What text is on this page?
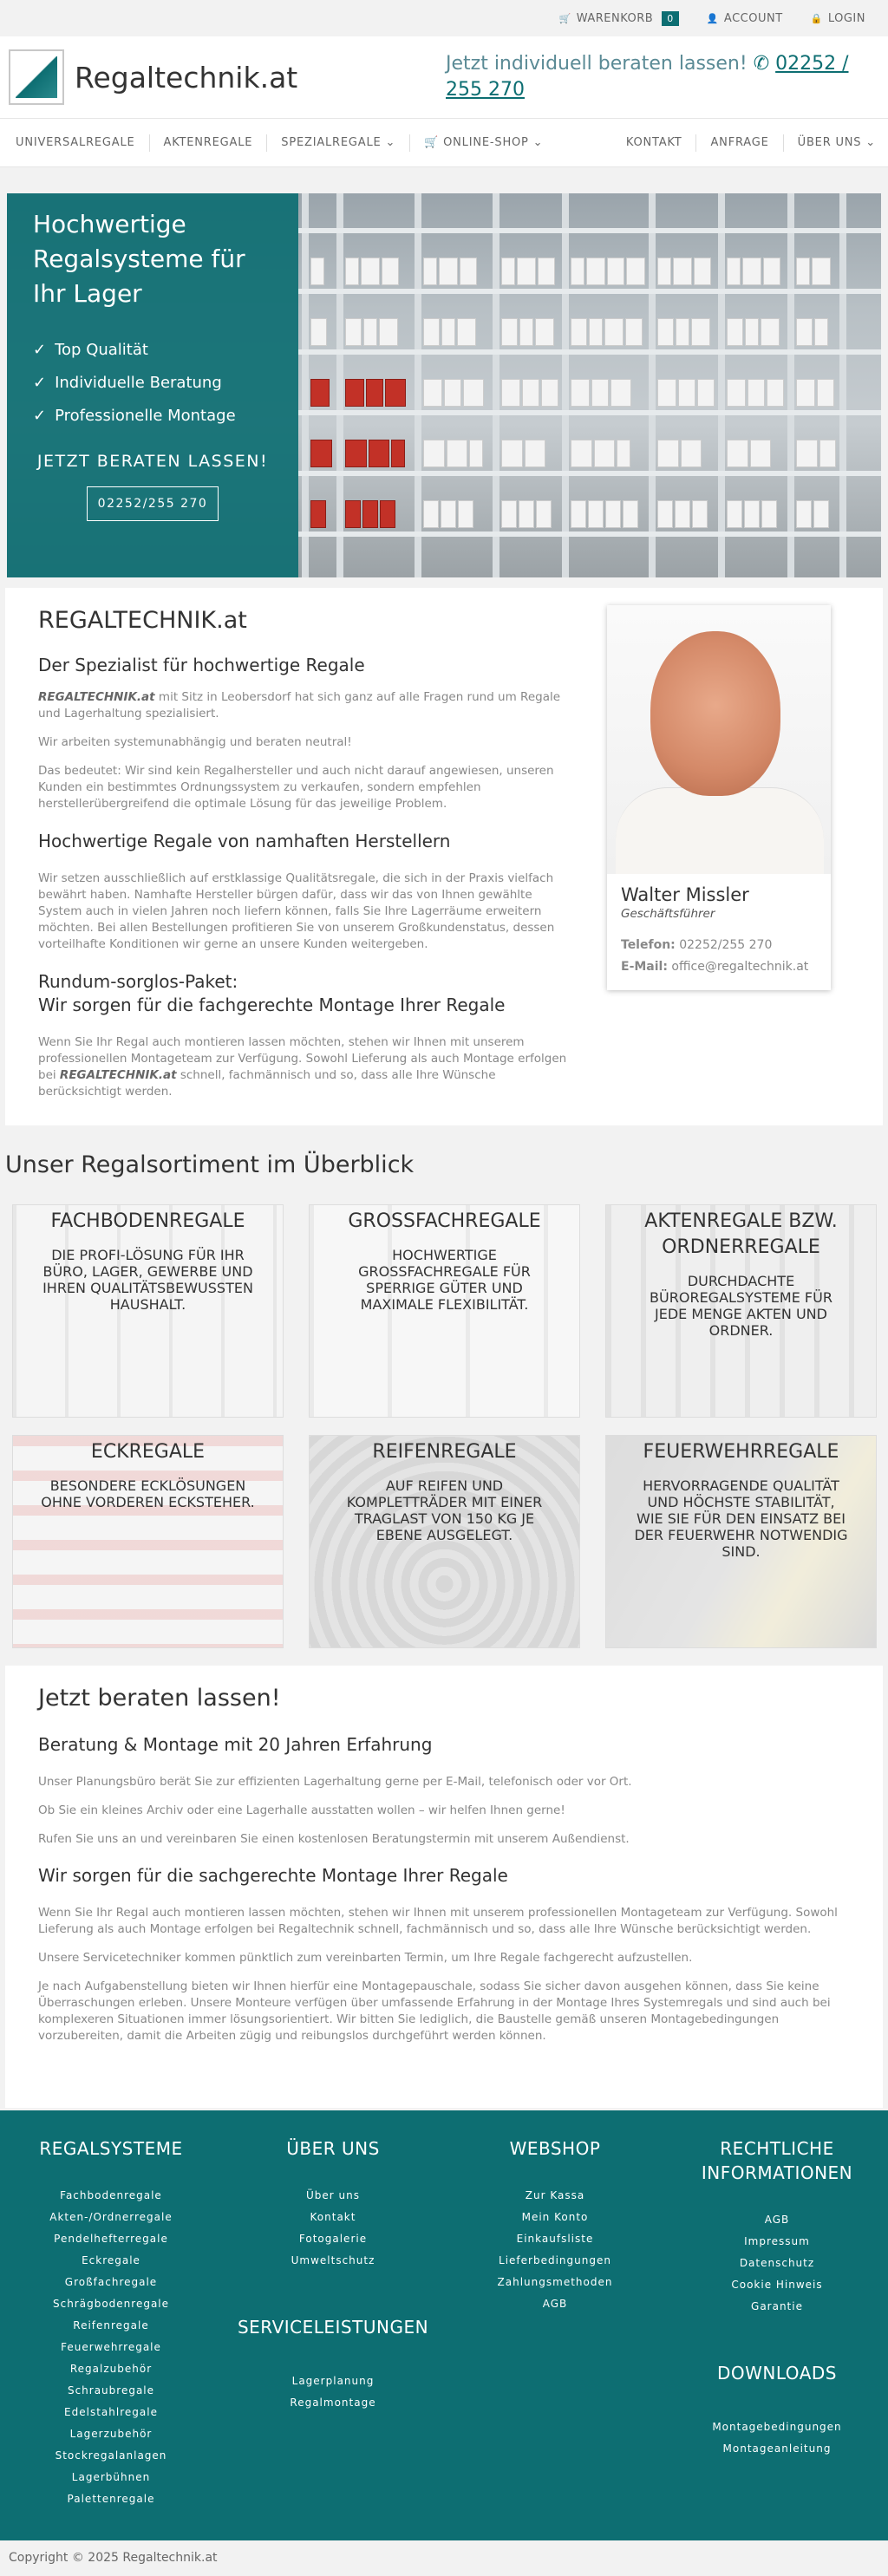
🛒 WARENKORB	0	👤 ACCOUNT	🔒 LOGIN
Regaltechnik.at	Jetzt individuell beraten lassen! ✆ 02252 / 255 270
UNIVERSALREGALE	AKTENREGALE	SPEZIALREGALE ⌄	🛒 ONLINE-SHOP ⌄	KONTAKT	ANFRAGE	ÜBER UNS ⌄
Hochwertige Regalsysteme für Ihr Lager
✓ Top Qualität
✓ Individuelle Beratung
✓ Professionelle Montage
JETZT BERATEN LASSEN!
02252/255 270
REGALTECHNIK.at
Der Spezialist für hochwertige Regale

REGALTECHNIK.at mit Sitz in Leobersdorf hat sich ganz auf alle Fragen rund um Regale und Lagerhaltung spezialisiert.

Wir arbeiten systemunabhängig und beraten neutral!

Das bedeutet: Wir sind kein Regalhersteller und auch nicht darauf angewiesen, unseren Kunden ein bestimmtes Ordnungssystem zu verkaufen, sondern empfehlen herstellerübergreifend die optimale Lösung für das jeweilige Problem.

Hochwertige Regale von namhaften Herstellern

Wir setzen ausschließlich auf erstklassige Qualitätsregale, die sich in der Praxis vielfach bewährt haben. Namhafte Hersteller bürgen dafür, dass wir das von Ihnen gewählte System auch in vielen Jahren noch liefern können, falls Sie Ihre Lagerräume erweitern möchten. Bei allen Bestellungen profitieren Sie von unserem Großkundenstatus, dessen vorteilhafte Konditionen wir gerne an unsere Kunden weitergeben.

Rundum-sorglos-Paket:
Wir sorgen für die fachgerechte Montage Ihrer Regale

Wenn Sie Ihr Regal auch montieren lassen möchten, stehen wir Ihnen mit unserem professionellen Montageteam zur Verfügung. Sowohl Lieferung als auch Montage erfolgen bei REGALTECHNIK.at schnell, fachmännisch und so, dass alle Ihre Wünsche berücksichtigt werden.

Walter Missler
Geschäftsführer
Telefon: 02252/255 270
E-Mail: office@regaltechnik.at
Unser Regalsortiment im Überblick
FACHBODENREGALE
DIE PROFI-LÖSUNG FÜR IHR BÜRO, LAGER, GEWERBE UND IHREN QUALITÄTSBEWUSSTEN HAUSHALT.
GROSSFACHREGALE
HOCHWERTIGE GROSSFACHREGALE FÜR SPERRIGE GÜTER UND MAXIMALE FLEXIBILITÄT.
AKTENREGALE BZW. ORDNERREGALE
DURCHDACHTE BÜROREGALSYSTEME FÜR JEDE MENGE AKTEN UND ORDNER.
ECKREGALE
BESONDERE ECKLÖSUNGEN OHNE VORDEREN ECKSTEHER.
REIFENREGALE
AUF REIFEN UND KOMPLETTRÄDER MIT EINER TRAGLAST VON 150 KG JE EBENE AUSGELEGT.
FEUERWEHRREGALE
HERVORRAGENDE QUALITÄT UND HÖCHSTE STABILITÄT, WIE SIE FÜR DEN EINSATZ BEI DER FEUERWEHR NOTWENDIG SIND.
Jetzt beraten lassen!
Beratung & Montage mit 20 Jahren Erfahrung

Unser Planungsbüro berät Sie zur effizienten Lagerhaltung gerne per E-Mail, telefonisch oder vor Ort.

Ob Sie ein kleines Archiv oder eine Lagerhalle ausstatten wollen – wir helfen Ihnen gerne!

Rufen Sie uns an und vereinbaren Sie einen kostenlosen Beratungstermin mit unserem Außendienst.

Wir sorgen für die sachgerechte Montage Ihrer Regale

Wenn Sie Ihr Regal auch montieren lassen möchten, stehen wir Ihnen mit unserem professionellen Montageteam zur Verfügung. Sowohl Lieferung als auch Montage erfolgen bei Regaltechnik schnell, fachmännisch und so, dass alle Ihre Wünsche berücksichtigt werden.

Unsere Servicetechniker kommen pünktlich zum vereinbarten Termin, um Ihre Regale fachgerecht aufzustellen.

Je nach Aufgabenstellung bieten wir Ihnen hierfür eine Montagepauschale, sodass Sie sicher davon ausgehen können, dass Sie keine Überraschungen erleben. Unsere Monteure verfügen über umfassende Erfahrung in der Montage Ihres Systemregals und sind auch bei komplexeren Situationen immer lösungsorientiert. Wir bitten Sie lediglich, die Baustelle gemäß unseren Montagebedingungen vorzubereiten, damit die Arbeiten zügig und reibungslos durchgeführt werden können.

REGALSYSTEME
Fachbodenregale
Akten-/Ordnerregale
Pendelhefterregale
Eckregale
Großfachregale
Schrägbodenregale
Reifenregale
Feuerwehrregale
Regalzubehör
Schraubregale
Edelstahlregale
Lagerzubehör
Stockregalanlagen
Lagerbühnen
Palettenregale
ÜBER UNS
Über uns
Kontakt
Fotogalerie
Umweltschutz
SERVICELEISTUNGEN
Lagerplanung
Regalmontage
WEBSHOP
Zur Kassa
Mein Konto
Einkaufsliste
Lieferbedingungen
Zahlungsmethoden
AGB
RECHTLICHE INFORMATIONEN
AGB
Impressum
Datenschutz
Cookie Hinweis
Garantie
DOWNLOADS
Montagebedingungen
Montageanleitung
Copyright © 2025 Regaltechnik.at
